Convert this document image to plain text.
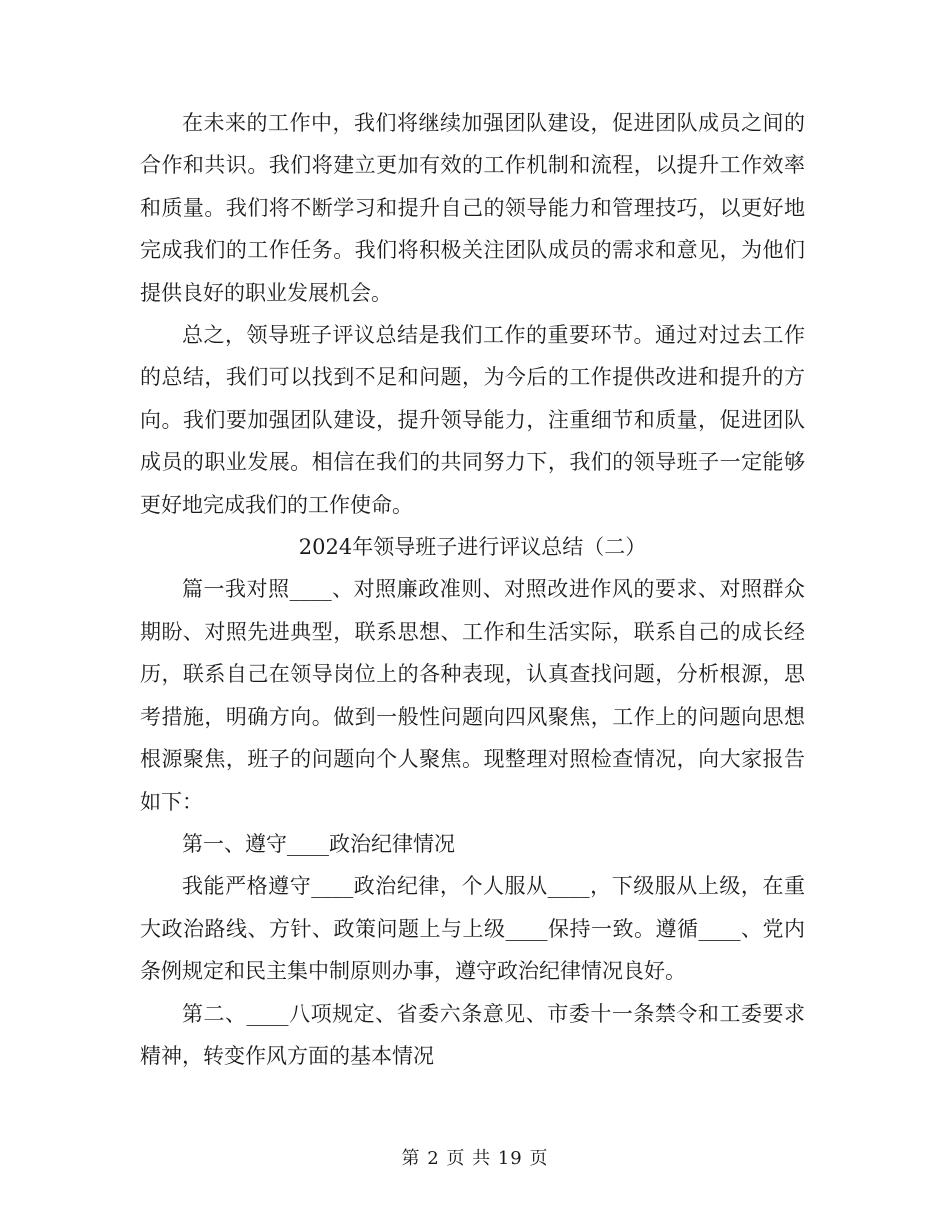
在未来的工作中，我们将继续加强团队建设，促进团队成员之间的合作和共识。我们将建立更加有效的工作机制和流程，以提升工作效率和质量。我们将不断学习和提升自己的领导能力和管理技巧，以更好地完成我们的工作任务。我们将积极关注团队成员的需求和意见，为他们提供良好的职业发展机会。

总之，领导班子评议总结是我们工作的重要环节。通过对过去工作的总结，我们可以找到不足和问题，为今后的工作提供改进和提升的方向。我们要加强团队建设，提升领导能力，注重细节和质量，促进团队成员的职业发展。相信在我们的共同努力下，我们的领导班子一定能够更好地完成我们的工作使命。

2024年领导班子进行评议总结（二）

篇一我对照____、对照廉政准则、对照改进作风的要求、对照群众期盼、对照先进典型，联系思想、工作和生活实际，联系自己的成长经历，联系自己在领导岗位上的各种表现，认真查找问题，分析根源，思考措施，明确方向。做到一般性问题向四风聚焦，工作上的问题向思想根源聚焦，班子的问题向个人聚焦。现整理对照检查情况，向大家报告如下：

第一、遵守____政治纪律情况

我能严格遵守____政治纪律，个人服从____，下级服从上级，在重大政治路线、方针、政策问题上与上级____保持一致。遵循____、党内条例规定和民主集中制原则办事，遵守政治纪律情况良好。

第二、____八项规定、省委六条意见、市委十一条禁令和工委要求精神，转变作风方面的基本情况

第 2 页 共 19 页
